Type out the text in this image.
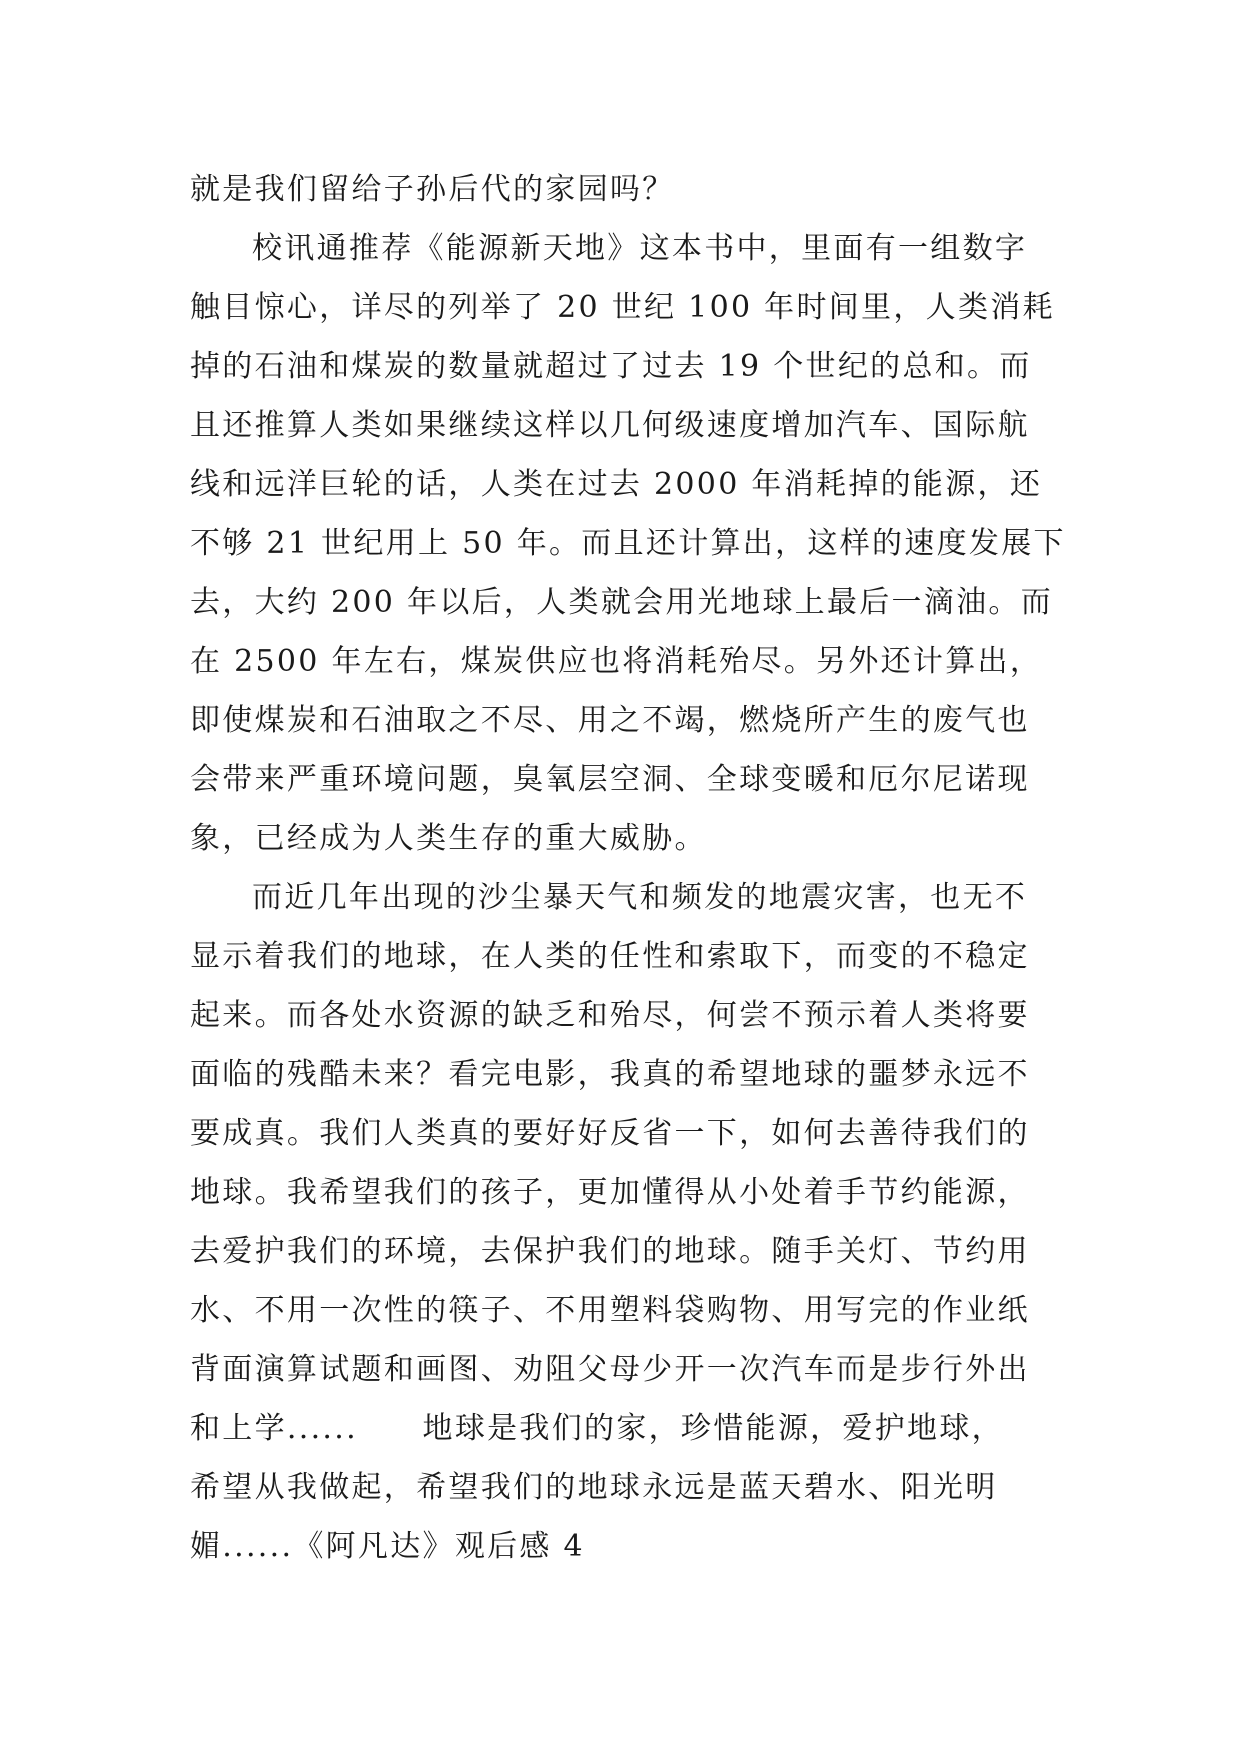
就是我们留给子孙后代的家园吗？
校讯通推荐《能源新天地》这本书中，里面有一组数字
触目惊心，详尽的列举了 20 世纪 100 年时间里，人类消耗
掉的石油和煤炭的数量就超过了过去 19 个世纪的总和。而
且还推算人类如果继续这样以几何级速度增加汽车、国际航
线和远洋巨轮的话，人类在过去 2000 年消耗掉的能源，还
不够 21 世纪用上 50 年。而且还计算出，这样的速度发展下
去，大约 200 年以后，人类就会用光地球上最后一滴油。而
在 2500 年左右，煤炭供应也将消耗殆尽。另外还计算出，
即使煤炭和石油取之不尽、用之不竭，燃烧所产生的废气也
会带来严重环境问题，臭氧层空洞、全球变暖和厄尔尼诺现
象，已经成为人类生存的重大威胁。
而近几年出现的沙尘暴天气和频发的地震灾害，也无不
显示着我们的地球，在人类的任性和索取下，而变的不稳定
起来。而各处水资源的缺乏和殆尽，何尝不预示着人类将要
面临的残酷未来？看完电影，我真的希望地球的噩梦永远不
要成真。我们人类真的要好好反省一下，如何去善待我们的
地球。我希望我们的孩子，更加懂得从小处着手节约能源，
去爱护我们的环境，去保护我们的地球。随手关灯、节约用
水、不用一次性的筷子、不用塑料袋购物、用写完的作业纸
背面演算试题和画图、劝阻父母少开一次汽车而是步行外出
和上学......　　地球是我们的家，珍惜能源，爱护地球，
希望从我做起，希望我们的地球永远是蓝天碧水、阳光明
媚......《阿凡达》观后感 4
